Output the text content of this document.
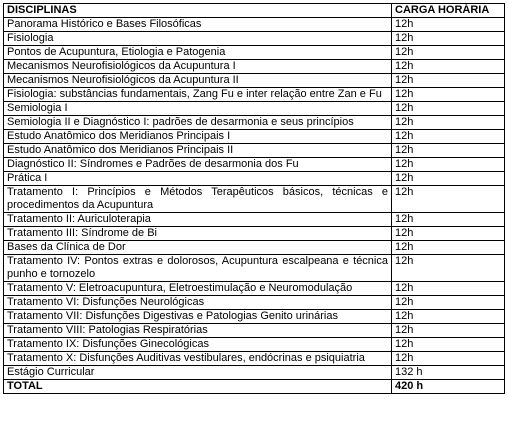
DISCIPLINAS	CARGA HORÁRIA
Panorama Histórico e Bases Filosóficas	12h
Fisiologia	12h
Pontos de Acupuntura, Etiologia e Patogenia	12h
Mecanismos Neurofisiológicos da Acupuntura I	12h
Mecanismos Neurofisiológicos da Acupuntura II	12h
Fisiologia: substâncias fundamentais, Zang Fu e inter relação entre Zan e Fu	12h
Semiologia I	12h
Semiologia II e Diagnóstico I: padrões de desarmonia e seus princípios	12h
Estudo Anatômico dos Meridianos Principais I	12h
Estudo Anatômico dos Meridianos Principais II	12h
Diagnóstico II: Síndromes e Padrões de desarmonia dos Fu	12h
Prática I	12h
Tratamento I: Princípios e Métodos Terapêuticos básicos, técnicas e procedimentos da Acupuntura	12h
Tratamento II: Auriculoterapia	12h
Tratamento III: Síndrome de Bi	12h
Bases da Clínica de Dor	12h
Tratamento IV: Pontos extras e dolorosos, Acupuntura escalpeana e técnica punho e tornozelo	12h
Tratamento V: Eletroacupuntura, Eletroestimulação e Neuromodulação	12h
Tratamento VI: Disfunções Neurológicas	12h
Tratamento VII: Disfunções Digestivas e Patologias Genito urinárias	12h
Tratamento VIII: Patologias Respiratórias	12h
Tratamento IX: Disfunções Ginecológicas	12h
Tratamento X: Disfunções Auditivas vestibulares, endócrinas e psiquiatria	12h
Estágio Curricular	132 h
TOTAL	420 h
